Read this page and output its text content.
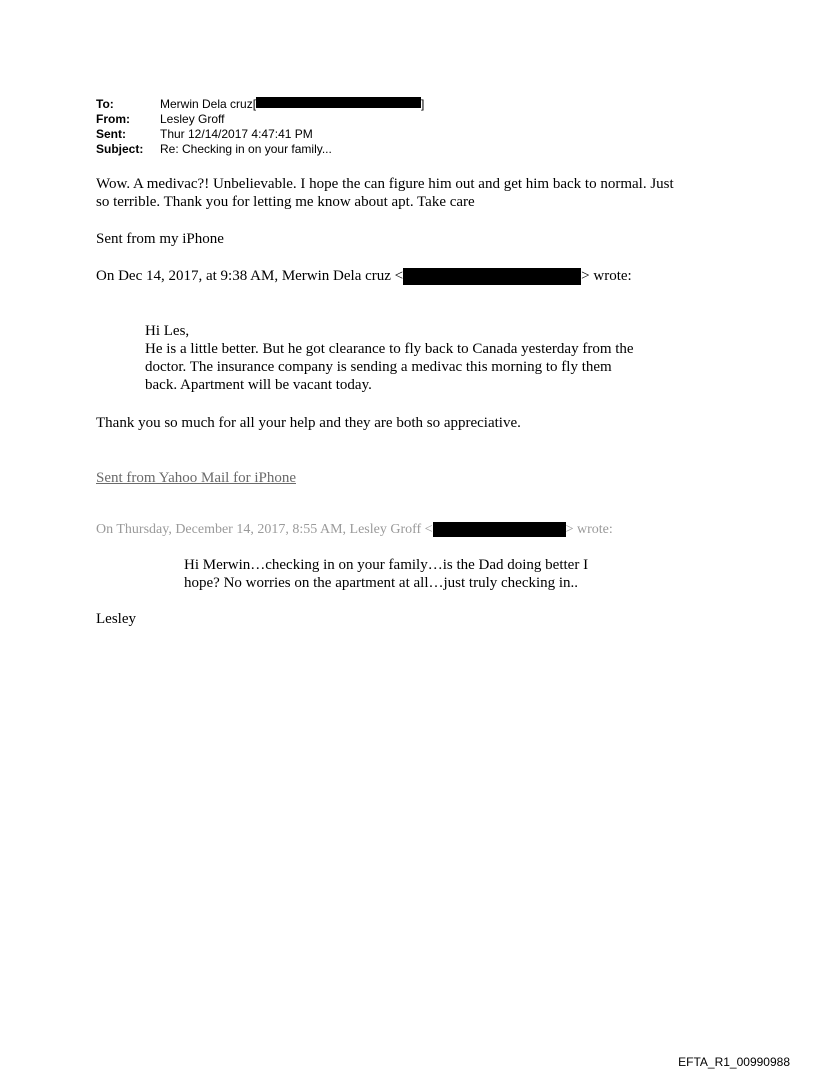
To:	Merwin Dela cruz[	]
From:	Lesley Groff
Sent:	Thur 12/14/2017 4:47:41 PM
Subject:	Re: Checking in on your family...
Wow. A medivac?! Unbelievable. I hope the can figure him out and get him back to normal. Just
so terrible. Thank you for letting me know about apt. Take care
Sent from my iPhone
On Dec 14, 2017, at 9:38 AM, Merwin Dela cruz <	> wrote:
Hi Les,
He is a little better. But he got clearance to fly back to Canada yesterday from the
doctor. The insurance company is sending a medivac this morning to fly them
back. Apartment will be vacant today.
Thank you so much for all your help and they are both so appreciative.
Sent from Yahoo Mail for iPhone
On Thursday, December 14, 2017, 8:55 AM, Lesley Groff <	> wrote:
Hi Merwin…checking in on your family…is the Dad doing better I
hope? No worries on the apartment at all…just truly checking in..
Lesley
EFTA_R1_00990988
